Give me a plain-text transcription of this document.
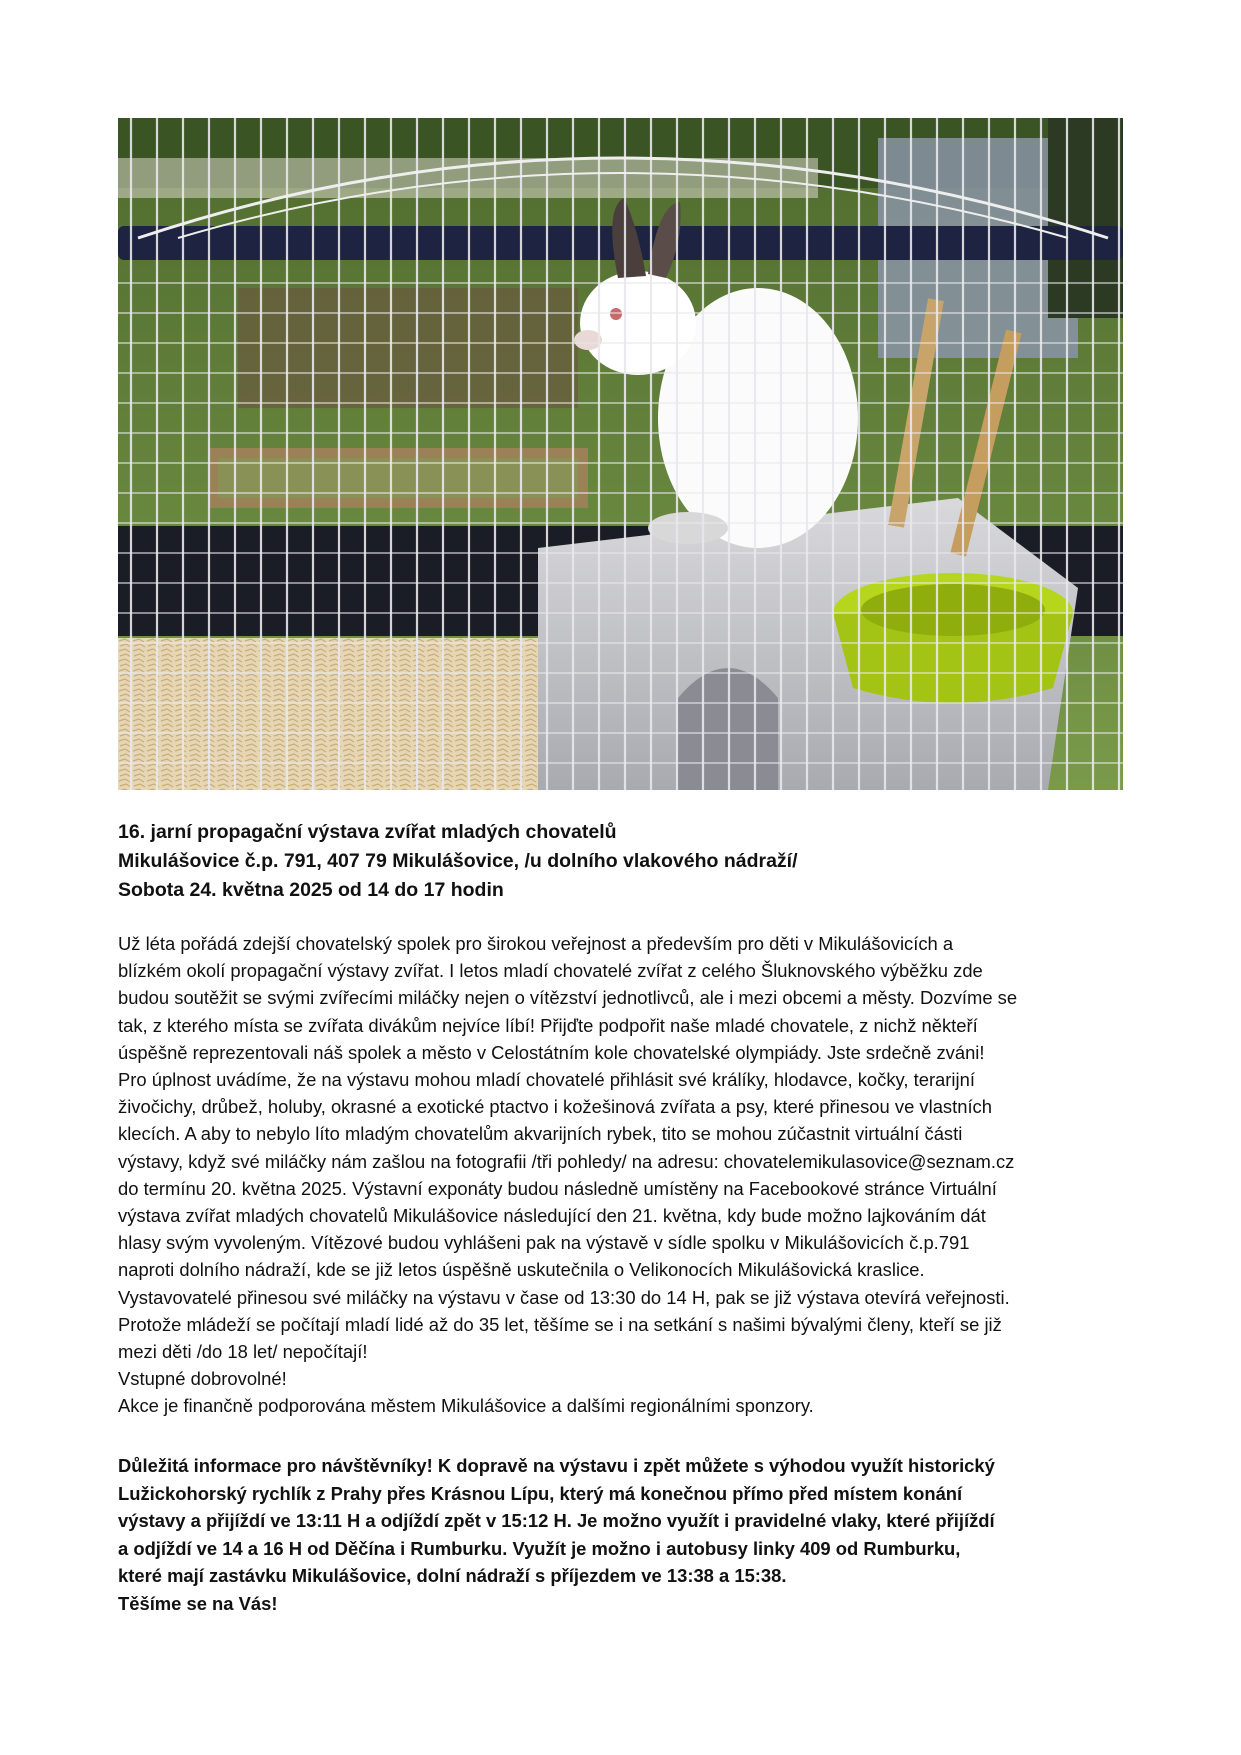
16. jarní propagační výstava zvířat mladých chovatelů
Mikulášovice č.p. 791, 407 79 Mikulášovice, /u dolního vlakového nádraží/
Sobota 24. května 2025 od 14 do 17 hodin
Už léta pořádá zdejší chovatelský spolek pro širokou veřejnost a především pro děti v Mikulášovicích a
blízkém okolí propagační výstavy zvířat. I letos mladí chovatelé zvířat z celého Šluknovského výběžku zde
budou soutěžit se svými zvířecími miláčky nejen o vítězství jednotlivců, ale i mezi obcemi a městy. Dozvíme se
tak, z kterého místa se zvířata divákům nejvíce líbí! Přijďte podpořit naše mladé chovatele, z nichž někteří
úspěšně reprezentovali náš spolek a město v Celostátním kole chovatelské olympiády. Jste srdečně zváni!
Pro úplnost uvádíme, že na výstavu mohou mladí chovatelé přihlásit své králíky, hlodavce, kočky, terarijní
živočichy, drůbež, holuby, okrasné a exotické ptactvo i kožešinová zvířata a psy, které přinesou ve vlastních
klecích. A aby to nebylo líto mladým chovatelům akvarijních rybek, tito se mohou zúčastnit virtuální části
výstavy, když své miláčky nám zašlou na fotografii /tři pohledy/ na adresu: chovatelemikulasovice@seznam.cz
do termínu 20. května 2025. Výstavní exponáty budou následně umístěny na Facebookové stránce Virtuální
výstava zvířat mladých chovatelů Mikulášovice následující den 21. května, kdy bude možno lajkováním dát
hlasy svým vyvoleným. Vítězové budou vyhlášeni pak na výstavě v sídle spolku v Mikulášovicích č.p.791
naproti dolního nádraží, kde se již letos úspěšně uskutečnila o Velikonocích Mikulášovická kraslice.
Vystavovatelé přinesou své miláčky na výstavu v čase od 13:30 do 14 H, pak se již výstava otevírá veřejnosti.
Protože mládeží se počítají mladí lidé až do 35 let, těšíme se i na setkání s našimi bývalými členy, kteří se již
mezi děti /do 18 let/ nepočítají!
Vstupné dobrovolné!
Akce je finančně podporována městem Mikulášovice a dalšími regionálními sponzory.
Důležitá informace pro návštěvníky! K dopravě na výstavu i zpět můžete s výhodou využít historický
Lužickohorský rychlík z Prahy přes Krásnou Lípu, který má konečnou přímo před místem konání
výstavy a přijíždí ve 13:11 H a odjíždí zpět v 15:12 H. Je možno využít i pravidelné vlaky, které přijíždí
a odjíždí ve 14 a 16 H od Děčína i Rumburku. Využít je možno i autobusy linky 409 od Rumburku,
které mají zastávku Mikulášovice, dolní nádraží s příjezdem ve 13:38 a 15:38.
Těšíme se na Vás!
